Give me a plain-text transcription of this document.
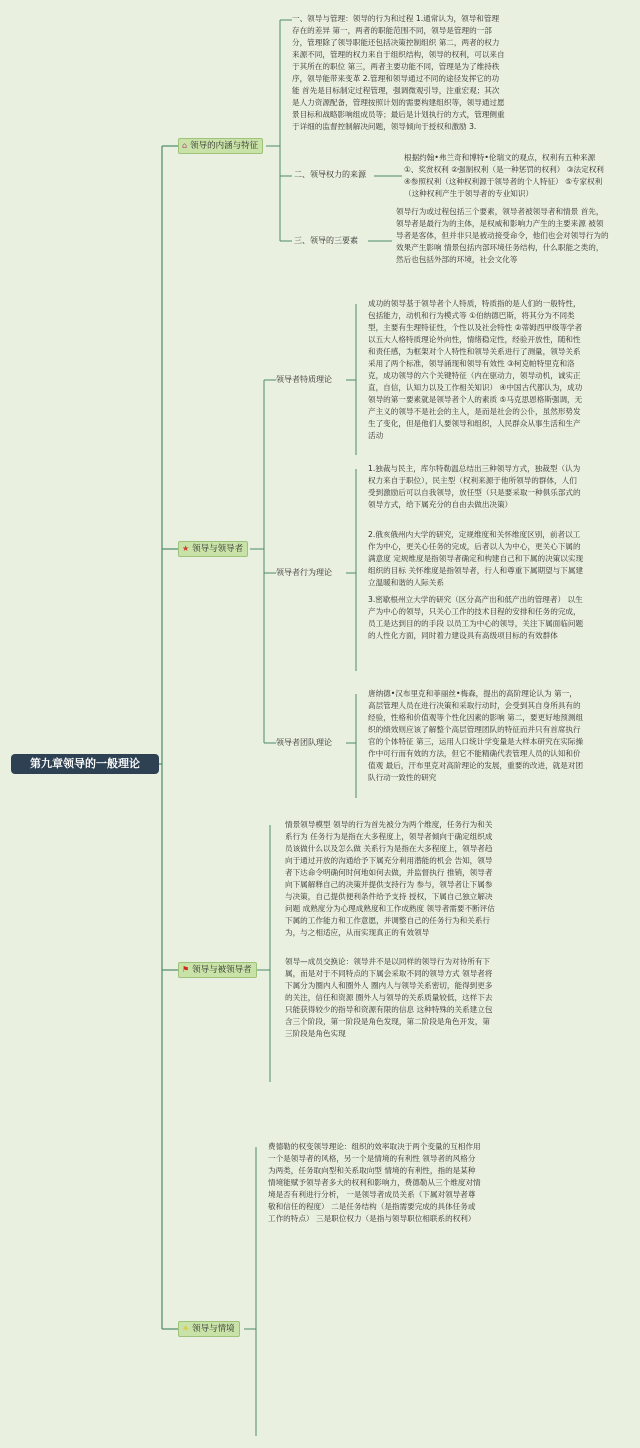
第九章领导的一般理论
⌂ 领导的内涵与特征
★ 领导与领导者
⚑ 领导与被领导者
☀ 领导与情境
一、领导与管理：领导的行为和过程 1.通常认为，领导和管理存在的差异 第一，两者的职能范围不同，领导是管理的一部分，管理除了领导职能还包括决策控制组织 第二，两者的权力来源不同，管理的权力来自于组织结构，领导的权利，可以来自于其所在的职位 第三，两者主要功能不同，管理是为了维持秩序，领导能带来变革 2.管理和领导通过不同的途径发挥它的功能 首先是目标制定过程管理，强调微观引导，注重宏观；其次是人力资源配备，管理按照计划的需要构建组织等，领导通过愿景目标和战略影响组成员等；最后是计划执行的方式，管理侧重于详细的监督控制解决问题，领导倾向于授权和激励 3.
二、领导权力的来源
根据约翰•弗兰奇和博特•伦瑞文的观点，权利有五种来源 ①、奖赏权利 ②强制权利（是一种惩罚的权利） ③法定权利 ④参照权利（这种权利源于领导者的个人特征） ⑤专家权利（这种权利产生于领导者的专业知识）
三、领导的三要素
领导行为或过程包括三个要素，领导者被领导者和情景 首先，领导者是最行为的主体，是权威和影响力产生的主要来源 被领导者是客体，但并非只是被动接受命令，他们也会对领导行为的效果产生影响 情景包括内部环境任务结构，什么职能之类的，然后也包括外部的环境，社会文化等
领导者特质理论
成功的领导基于领导者个人特质，特质指的是人们的一般特性，包括能力，动机和行为模式等 ①伯纳德巴斯，将其分为不同类型，主要有生理特征性，个性以及社会特性 ②蒂姆西甲级等学者以五大人格特质理论外向性，情绪稳定性，经验开放性，随和性和责任感，为框架对个人特性和领导关系进行了测量，领导关系采用了两个标准，领导涌现和领导有效性 ③柯克帕特里克和洛克，成功领导的六个关键特征（内在驱动力，领导动机，诚实正直，自信，认知力以及工作相关知识） ④中国古代都认为，成功领导的第一要素就是领导者个人的素质 ⑤马克思恩格斯强调，无产主义的领导不是社会的主人，是而是社会的公仆，虽然形势发生了变化，但是他们人要领导和组织，人民群众从事生活和生产活动
领导者行为理论
1.独裁与民主，库尔特勒温总结出三种领导方式，独裁型（认为权力来自于职位），民主型（权利来源于他所领导的群体，人们受到激励后可以自我领导，放任型（只是要采取一种俱乐部式的领导方式，给下属充分的自由去做出决策）
2.俄亥俄州内大学的研究，定规维度和关怀维度区别，前者以工作为中心，更关心任务的完成，后者以人为中心，更关心下属的满意度 定规维度是指领导者确定和构建自己和下属的决策以实现组织的目标 关怀维度是指领导者，行人和尊重下属期望与下属建立温暖和谐的人际关系
3.密歇根州立大学的研究（区分高产出和低产出的管理者） 以生产为中心的领导，只关心工作的技术目程的安排和任务的完成，员工是达到目的的手段 以员工为中心的领导，关注下属面临问题的人性化方面，同时着力建设具有高级项目标的有效群体
领导者团队理论
唐纳德•汉布里克和菲丽丝•梅森，提出的高阶理论认为 第一，高层管理人员在进行决策和采取行动时，会受到其自身所具有的经验，性格和价值观等个性化因素的影响 第二，要更好地预测组织的绩效则应该了解整个高层管理团队的特征而并只有首席执行官的个体特征 第三，运用人口统计学变量是大样本研究在实际操作中可行而有效的方法，但它不能精确代表管理人员的认知和价值观 最后，汗布里克对高阶理论的发展，重要的改进，就是对团队行动一致性的研究
情景领导模型 领导的行为首先被分为两个维度，任务行为和关系行为 任务行为是指在大多程度上，领导者倾向于确定组织成员该做什么以及怎么做 关系行为是指在大多程度上，领导者趋向于通过开放的沟通给予下属充分利用潜能的机会 告知，领导者下达命令明确何时何地如何去做，并监督执行 推销，领导者向下属解释自己的决策并提供支持行为 参与，领导者让下属参与决策，自己提供便利条件给予支持 授权，下属自己独立解决问题 成熟度分为心理成熟度和工作成熟度 领导者需要不断评估下属的工作能力和工作意愿，并调整自己的任务行为和关系行为，与之相适应，从而实现真正的有效领导
领导—成员交换论：领导并不是以同样的领导行为对待所有下属，而是对于不同特点的下属会采取不同的领导方式 领导者将下属分为圈内人和圈外人 圈内人与领导关系密切，能得到更多的关注，信任和资源 圈外人与领导的关系质量较低，这样下去只能获得较少的指导和资源有限的信息 这种特殊的关系建立包含三个阶段，第一阶段是角色发现，第二阶段是角色开发，第三阶段是角色实现
费德勒的权变领导理论：组织的效率取决于两个变量的互相作用一个是领导者的风格，另一个是情境的有利性 领导者的风格分为两类，任务取向型和关系取向型 情境的有利性，指的是某种情境能赋予领导者多大的权利和影响力，费德勒从三个维度对情境是否有利进行分析， 一是领导者成员关系（下属对领导者尊敬和信任的程度） 二是任务结构（是指需要完成的具体任务或工作的特点） 三是职位权力（是指与领导职位相联系的权利）
